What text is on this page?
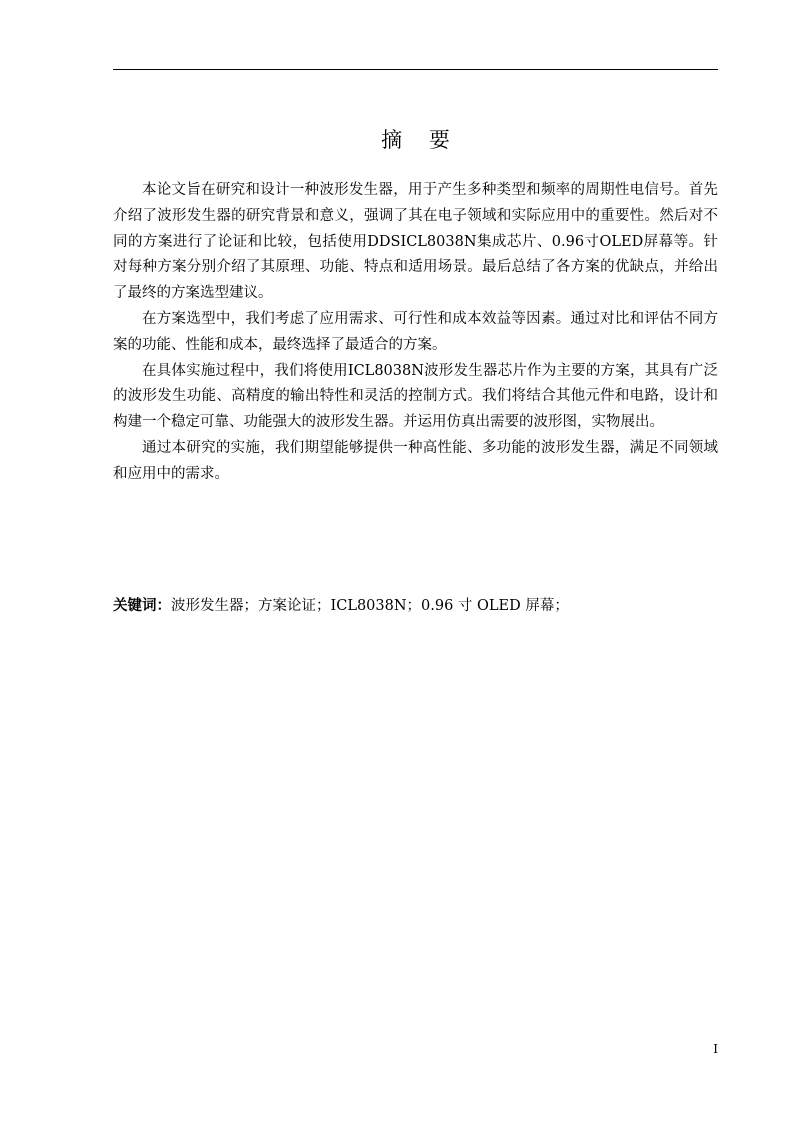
摘 要

本论文旨在研究和设计一种波形发生器，用于产生多种类型和频率的周期性电信号。首先介绍了波形发生器的研究背景和意义，强调了其在电子领域和实际应用中的重要性。然后对不同的方案进行了论证和比较，包括使用DDSICL8038N集成芯片、0.96寸OLED屏幕等。针对每种方案分别介绍了其原理、功能、特点和适用场景。最后总结了各方案的优缺点，并给出了最终的方案选型建议。

在方案选型中，我们考虑了应用需求、可行性和成本效益等因素。通过对比和评估不同方案的功能、性能和成本，最终选择了最适合的方案。

在具体实施过程中，我们将使用ICL8038N波形发生器芯片作为主要的方案，其具有广泛的波形发生功能、高精度的输出特性和灵活的控制方式。我们将结合其他元件和电路，设计和构建一个稳定可靠、功能强大的波形发生器。并运用仿真出需要的波形图，实物展出。

通过本研究的实施，我们期望能够提供一种高性能、多功能的波形发生器，满足不同领域和应用中的需求。

关键词：波形发生器；方案论证；ICL8038N；0.96 寸 OLED 屏幕；
I
